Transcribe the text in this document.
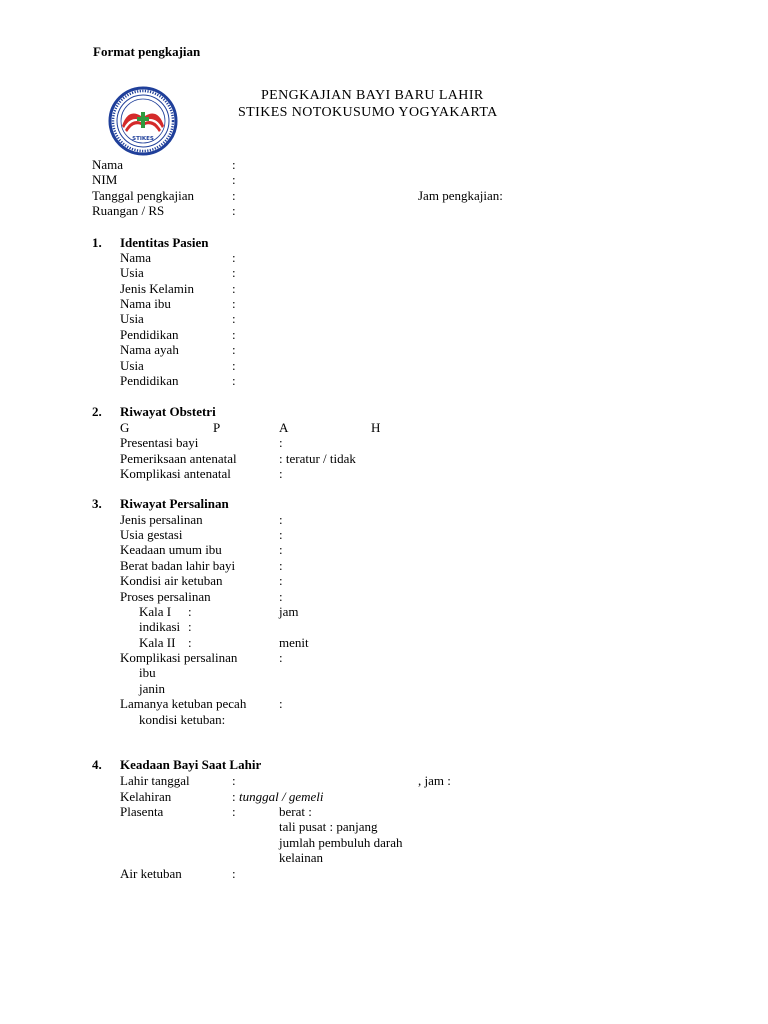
Format pengkajian
STIKES
PENGKAJIAN BAYI BARU LAHIR
STIKES NOTOKUSUMO YOGYAKARTA
Nama	:
NIM	:
Tanggal pengkajian	:	Jam pengkajian:
Ruangan / RS	:
1. Identitas Pasien
Nama	:
Usia	:
Jenis Kelamin	:
Nama ibu	:
Usia	:
Pendidikan	:
Nama ayah	:
Usia	:
Pendidikan	:
2. Riwayat Obstetri
G	P	A	H
Presentasi bayi	:
Pemeriksaan antenatal	: teratur / tidak
Komplikasi antenatal	:
3. Riwayat Persalinan
Jenis persalinan	:
Usia gestasi	:
Keadaan umum ibu	:
Berat badan lahir bayi	:
Kondisi air ketuban	:
Proses persalinan	:
Kala I :	jam
indikasi :
Kala II :	menit
Komplikasi persalinan	:
ibu
janin
Lamanya ketuban pecah	:
kondisi ketuban:
4. Keadaan Bayi Saat Lahir
Lahir tanggal	:	, jam :
Kelahiran	: tunggal / gemeli
Plasenta	:	berat :
tali pusat : panjang
jumlah pembuluh darah
kelainan
Air ketuban	:
